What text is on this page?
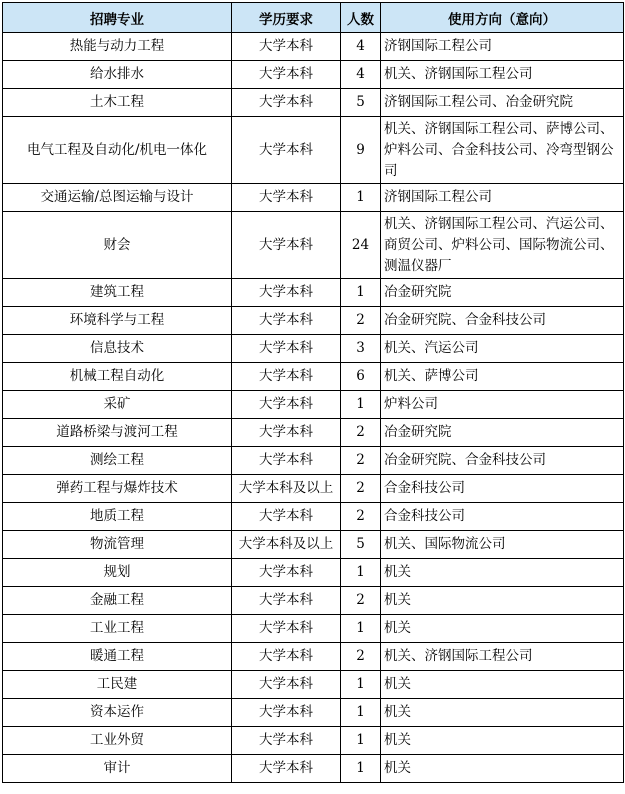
招聘专业	学历要求	人数	使用方向（意向）
热能与动力工程	大学本科	4	济钢国际工程公司
给水排水	大学本科	4	机关、济钢国际工程公司
土木工程	大学本科	5	济钢国际工程公司、冶金研究院
电气工程及自动化/机电一体化	大学本科	9	机关、济钢国际工程公司、萨博公司、炉料公司、合金科技公司、冷弯型钢公司
交通运输/总图运输与设计	大学本科	1	济钢国际工程公司
财会	大学本科	24	机关、济钢国际工程公司、汽运公司、商贸公司、炉料公司、国际物流公司、测温仪器厂
建筑工程	大学本科	1	冶金研究院
环境科学与工程	大学本科	2	冶金研究院、合金科技公司
信息技术	大学本科	3	机关、汽运公司
机械工程自动化	大学本科	6	机关、萨博公司
采矿	大学本科	1	炉料公司
道路桥梁与渡河工程	大学本科	2	冶金研究院
测绘工程	大学本科	2	冶金研究院、合金科技公司
弹药工程与爆炸技术	大学本科及以上	2	合金科技公司
地质工程	大学本科	2	合金科技公司
物流管理	大学本科及以上	5	机关、国际物流公司
规划	大学本科	1	机关
金融工程	大学本科	2	机关
工业工程	大学本科	1	机关
暖通工程	大学本科	2	机关、济钢国际工程公司
工民建	大学本科	1	机关
资本运作	大学本科	1	机关
工业外贸	大学本科	1	机关
审计	大学本科	1	机关
